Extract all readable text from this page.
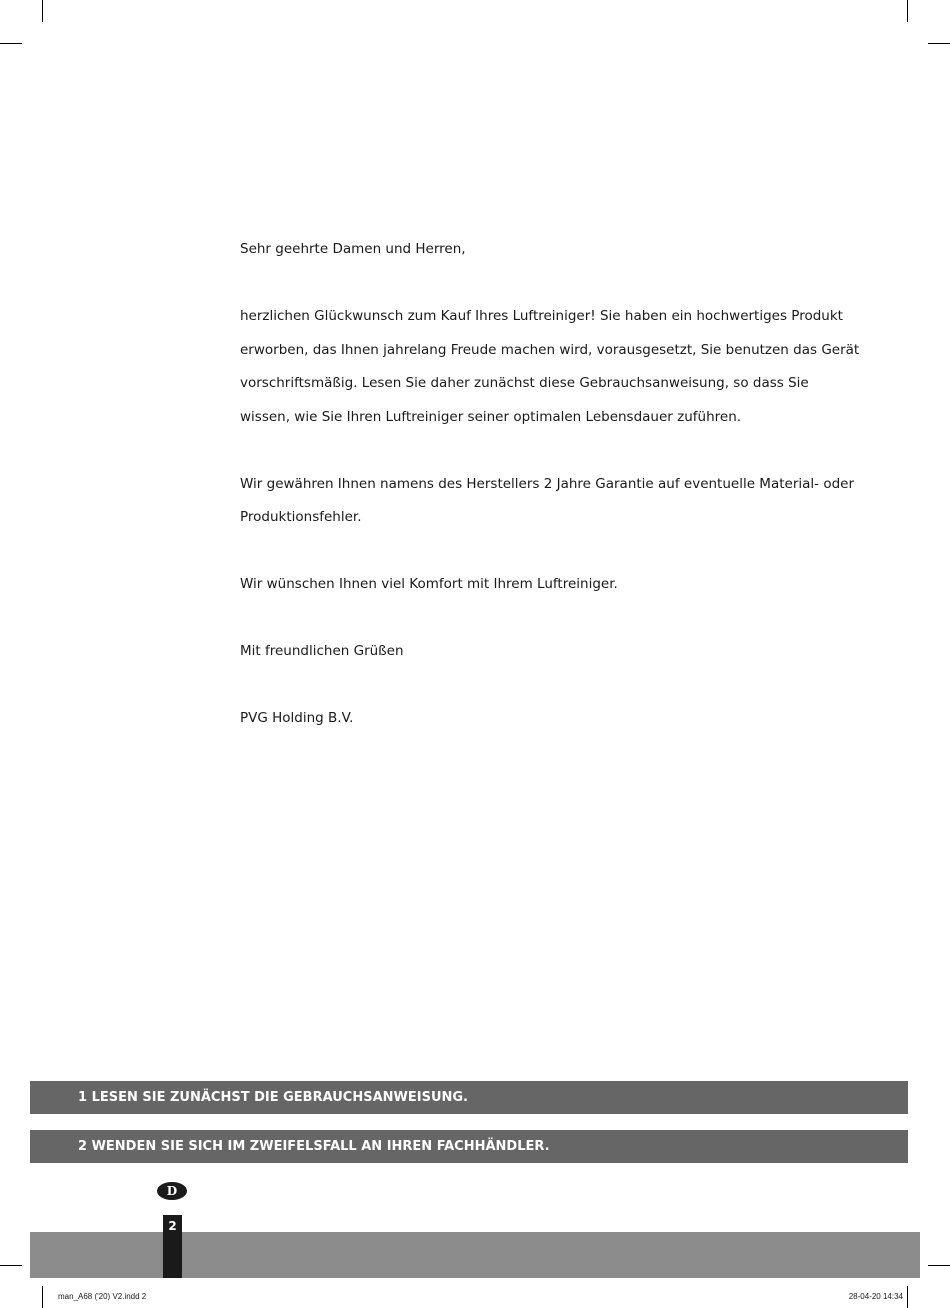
Sehr geehrte Damen und Herren,

herzlichen Glückwunsch zum Kauf Ihres Luftreiniger! Sie haben ein hochwertiges Produkt erworben, das Ihnen jahrelang Freude machen wird, vorausgesetzt, Sie benutzen das Gerät vorschriftsmäßig. Lesen Sie daher zunächst diese Gebrauchsanweisung, so dass Sie wissen, wie Sie Ihren Luftreiniger seiner optimalen Lebensdauer zuführen.

Wir gewähren Ihnen namens des Herstellers 2 Jahre Garantie auf eventuelle Material- oder Produktionsfehler.

Wir wünschen Ihnen viel Komfort mit Ihrem Luftreiniger.

Mit freundlichen Grüßen

PVG Holding B.V.

1 LESEN SIE ZUNÄCHST DIE GEBRAUCHSANWEISUNG.
2 WENDEN SIE SICH IM ZWEIFELSFALL AN IHREN FACHHÄNDLER.
D
2
man_A68 ('20) V2.indd 2	28-04-20 14:34
